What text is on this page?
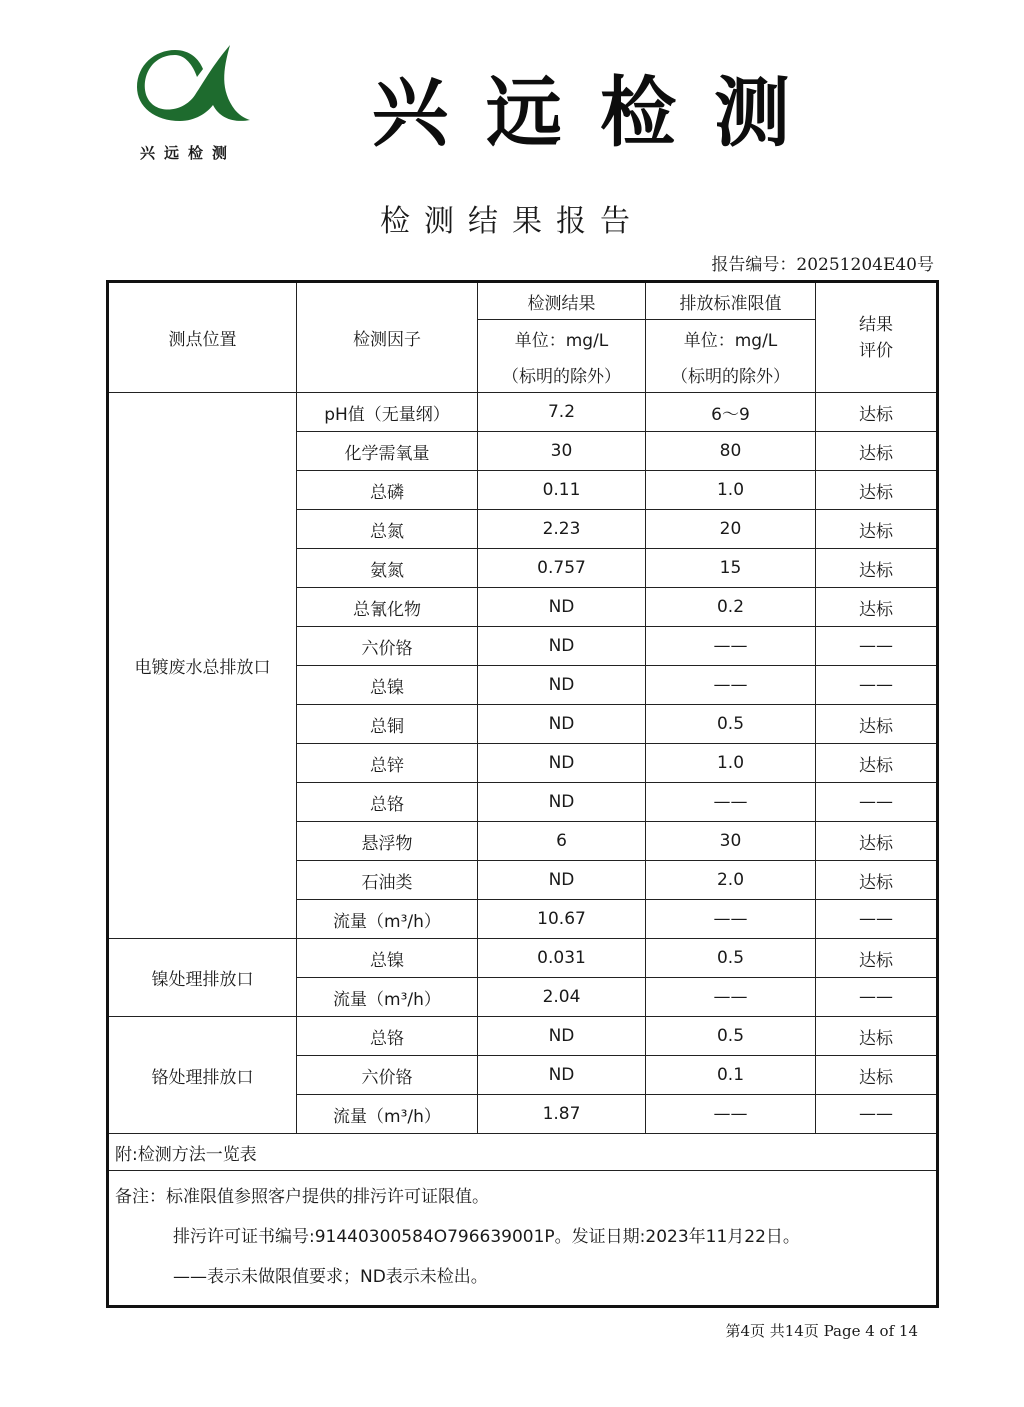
兴远检测 兴远检测
检测结果报告
报告编号：20251204E40号
测点位置	检测因子	检测结果	排放标准限值	结果
评价
		单位：mg/L	单位：mg/L	
		（标明的除外）	（标明的除外）	
电镀废水总排放口	pH值（无量纲）	7.2	6～9	达标
	化学需氧量	30	80	达标
	总磷	0.11	1.0	达标
	总氮	2.23	20	达标
	氨氮	0.757	15	达标
	总氰化物	ND	0.2	达标
	六价铬	ND	——	——
	总镍	ND	——	——
	总铜	ND	0.5	达标
	总锌	ND	1.0	达标
	总铬	ND	——	——
	悬浮物	6	30	达标
	石油类	ND	2.0	达标
	流量（m³/h）	10.67	——	——
镍处理排放口	总镍	0.031	0.5	达标
	流量（m³/h）	2.04	——	——
铬处理排放口	总铬	ND	0.5	达标
	六价铬	ND	0.1	达标
	流量（m³/h）	1.87	——	——
附:检测方法一览表				

备注：标准限值参照客户提供的排污许可证限值。
排污许可证书编号:91440300584O796639001P。发证日期:2023年11月22日。
——表示未做限值要求；ND表示未检出。				
第4页 共14页 Page 4 of 14
